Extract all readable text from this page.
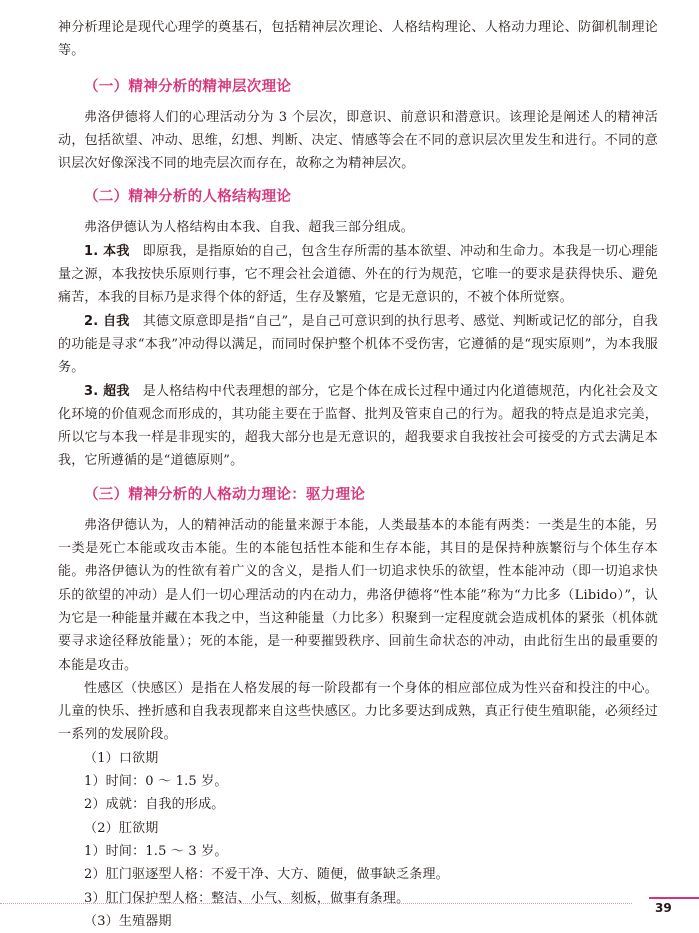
神分析理论是现代心理学的奠基石，包括精神层次理论、人格结构理论、人格动力理论、防御机制理论等。

（一）精神分析的精神层次理论

弗洛伊德将人们的心理活动分为 3 个层次，即意识、前意识和潜意识。该理论是阐述人的精神活动，包括欲望、冲动、思维，幻想、判断、决定、情感等会在不同的意识层次里发生和进行。不同的意识层次好像深浅不同的地壳层次而存在，故称之为精神层次。

（二）精神分析的人格结构理论

弗洛伊德认为人格结构由本我、自我、超我三部分组成。

1. 本我　即原我，是指原始的自己，包含生存所需的基本欲望、冲动和生命力。本我是一切心理能量之源，本我按快乐原则行事，它不理会社会道德、外在的行为规范，它唯一的要求是获得快乐、避免痛苦，本我的目标乃是求得个体的舒适，生存及繁殖，它是无意识的，不被个体所觉察。

2. 自我　其德文原意即是指“自己”，是自己可意识到的执行思考、感觉、判断或记忆的部分，自我的功能是寻求“本我”冲动得以满足，而同时保护整个机体不受伤害，它遵循的是“现实原则”，为本我服务。

3. 超我　是人格结构中代表理想的部分，它是个体在成长过程中通过内化道德规范，内化社会及文化环境的价值观念而形成的，其功能主要在于监督、批判及管束自己的行为。超我的特点是追求完美，所以它与本我一样是非现实的，超我大部分也是无意识的，超我要求自我按社会可接受的方式去满足本我，它所遵循的是“道德原则”。

（三）精神分析的人格动力理论：驱力理论

弗洛伊德认为，人的精神活动的能量来源于本能，人类最基本的本能有两类：一类是生的本能，另一类是死亡本能或攻击本能。生的本能包括性本能和生存本能，其目的是保持种族繁衍与个体生存本能。弗洛伊德认为的性欲有着广义的含义，是指人们一切追求快乐的欲望，性本能冲动（即一切追求快乐的欲望的冲动）是人们一切心理活动的内在动力，弗洛伊德将“性本能”称为“力比多（Libido）”，认为它是一种能量并藏在本我之中，当这种能量（力比多）积聚到一定程度就会造成机体的紧张（机体就要寻求途径释放能量）；死的本能，是一种要摧毁秩序、回前生命状态的冲动，由此衍生出的最重要的本能是攻击。

性感区（快感区）是指在人格发展的每一阶段都有一个身体的相应部位成为性兴奋和投注的中心。儿童的快乐、挫折感和自我表现都来自这些快感区。力比多要达到成熟，真正行使生殖职能，必须经过一系列的发展阶段。

（1）口欲期

1）时间：0 ～ 1.5 岁。

2）成就：自我的形成。

（2）肛欲期

1）时间：1.5 ～ 3 岁。

2）肛门驱逐型人格：不爱干净、大方、随便，做事缺乏条理。

3）肛门保护型人格：整洁、小气、刻板，做事有条理。

（3）生殖器期

39
